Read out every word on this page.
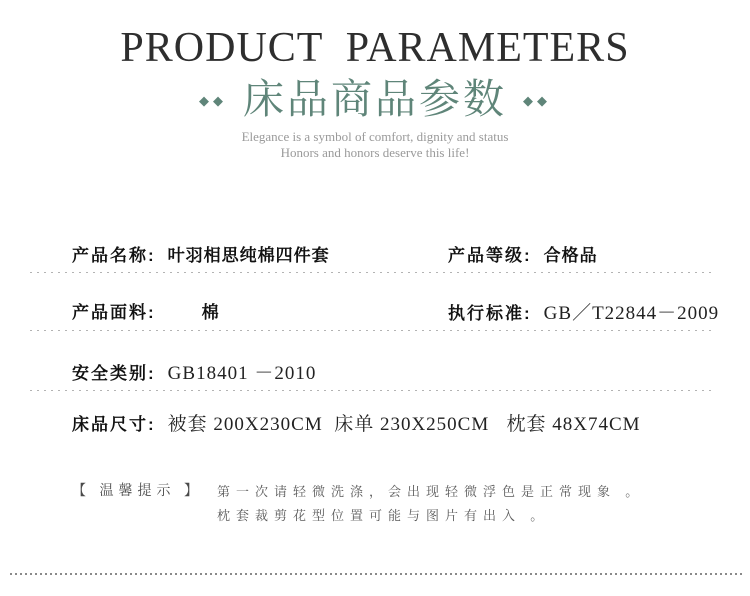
PRODUCT  PARAMETERS
◆◆ 床品商品参数 ◆◆
Elegance is a symbol of comfort, dignity and status
Honors and honors deserve this life!
产品名称: 叶羽相思纯棉四件套	产品等级: 合格品
产品面料:	棉	执行标准: GB／T22844－2009
安全类别: GB18401 －2010
床品尺寸: 被套 200X230CM  床单 230X250CM   枕套 48X74CM
【 温馨提示 】 第一次请轻微洗涤，会出现轻微浮色是正常现象 。
枕套裁剪花型位置可能与图片有出入 。
